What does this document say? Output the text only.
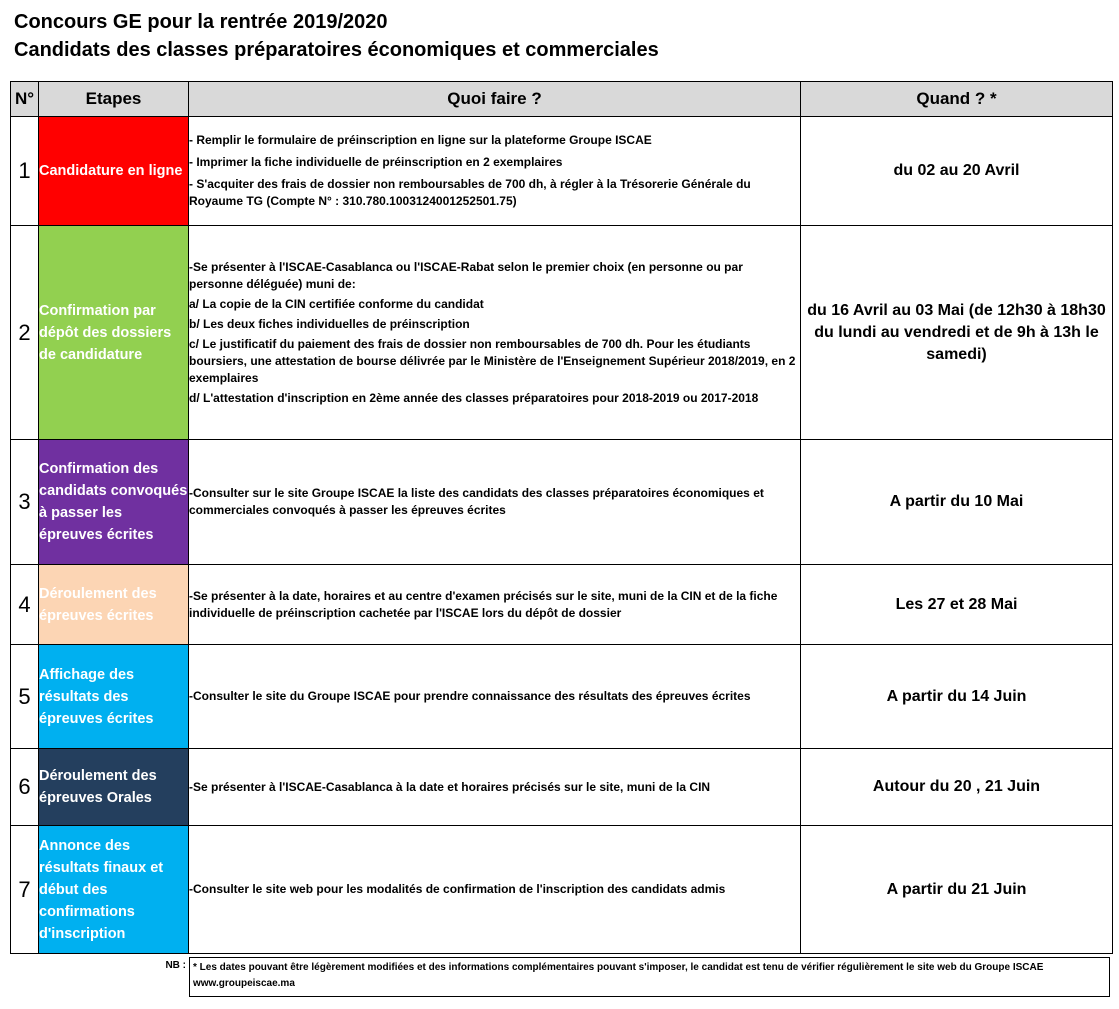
Concours GE pour la rentrée 2019/2020
Candidats des classes préparatoires économiques et commerciales
N°	Etapes	Quoi faire ?	Quand ? *
1	Candidature en ligne	- Remplir le formulaire de préinscription en ligne sur la plateforme Groupe ISCAE

- Imprimer la fiche individuelle de préinscription en 2 exemplaires

- S'acquiter des frais de dossier non remboursables de 700 dh, à régler à la Trésorerie Générale du Royaume TG (Compte N° : 310.780.1003124001252501.75)	du 02 au 20 Avril
2	Confirmation par dépôt des dossiers de candidature	-Se présenter à l'ISCAE-Casablanca ou l'ISCAE-Rabat selon le premier choix (en personne ou par personne déléguée) muni de:

a/ La copie de la CIN certifiée conforme du candidat

b/ Les deux fiches individuelles de préinscription

c/ Le justificatif du paiement des frais de dossier non remboursables de 700 dh. Pour les étudiants boursiers, une attestation de bourse délivrée par le Ministère de l'Enseignement Supérieur 2018/2019, en 2 exemplaires

d/ L'attestation d'inscription en 2ème année des classes préparatoires pour 2018-2019 ou 2017-2018	du 16 Avril au 03 Mai (de 12h30 à 18h30 du lundi au vendredi et de 9h à 13h le samedi)
3	Confirmation des candidats convoqués à passer les épreuves écrites	-Consulter sur le site Groupe ISCAE la liste des candidats des classes préparatoires économiques et commerciales convoqués à passer les épreuves écrites	A partir du 10 Mai
4	Déroulement des épreuves écrites	-Se présenter à la date, horaires et au centre d'examen précisés sur le site, muni de la CIN et de la fiche individuelle de préinscription cachetée par l'ISCAE lors du dépôt de dossier	Les 27 et 28 Mai
5	Affichage des résultats des épreuves écrites	-Consulter le site du Groupe ISCAE pour prendre connaissance des résultats des épreuves écrites	A partir du 14 Juin
6	Déroulement des épreuves Orales	-Se présenter à l'ISCAE-Casablanca à la date et horaires précisés sur le site, muni de la CIN	Autour du 20 , 21 Juin
7	Annonce des résultats finaux et début des confirmations d'inscription	-Consulter le site web pour les modalités de confirmation de l'inscription des candidats admis	A partir du 21 Juin
NB : * Les dates pouvant être légèrement modifiées et des informations complémentaires pouvant s'imposer, le candidat est tenu de vérifier régulièrement le site web du Groupe ISCAE www.groupeiscae.ma
